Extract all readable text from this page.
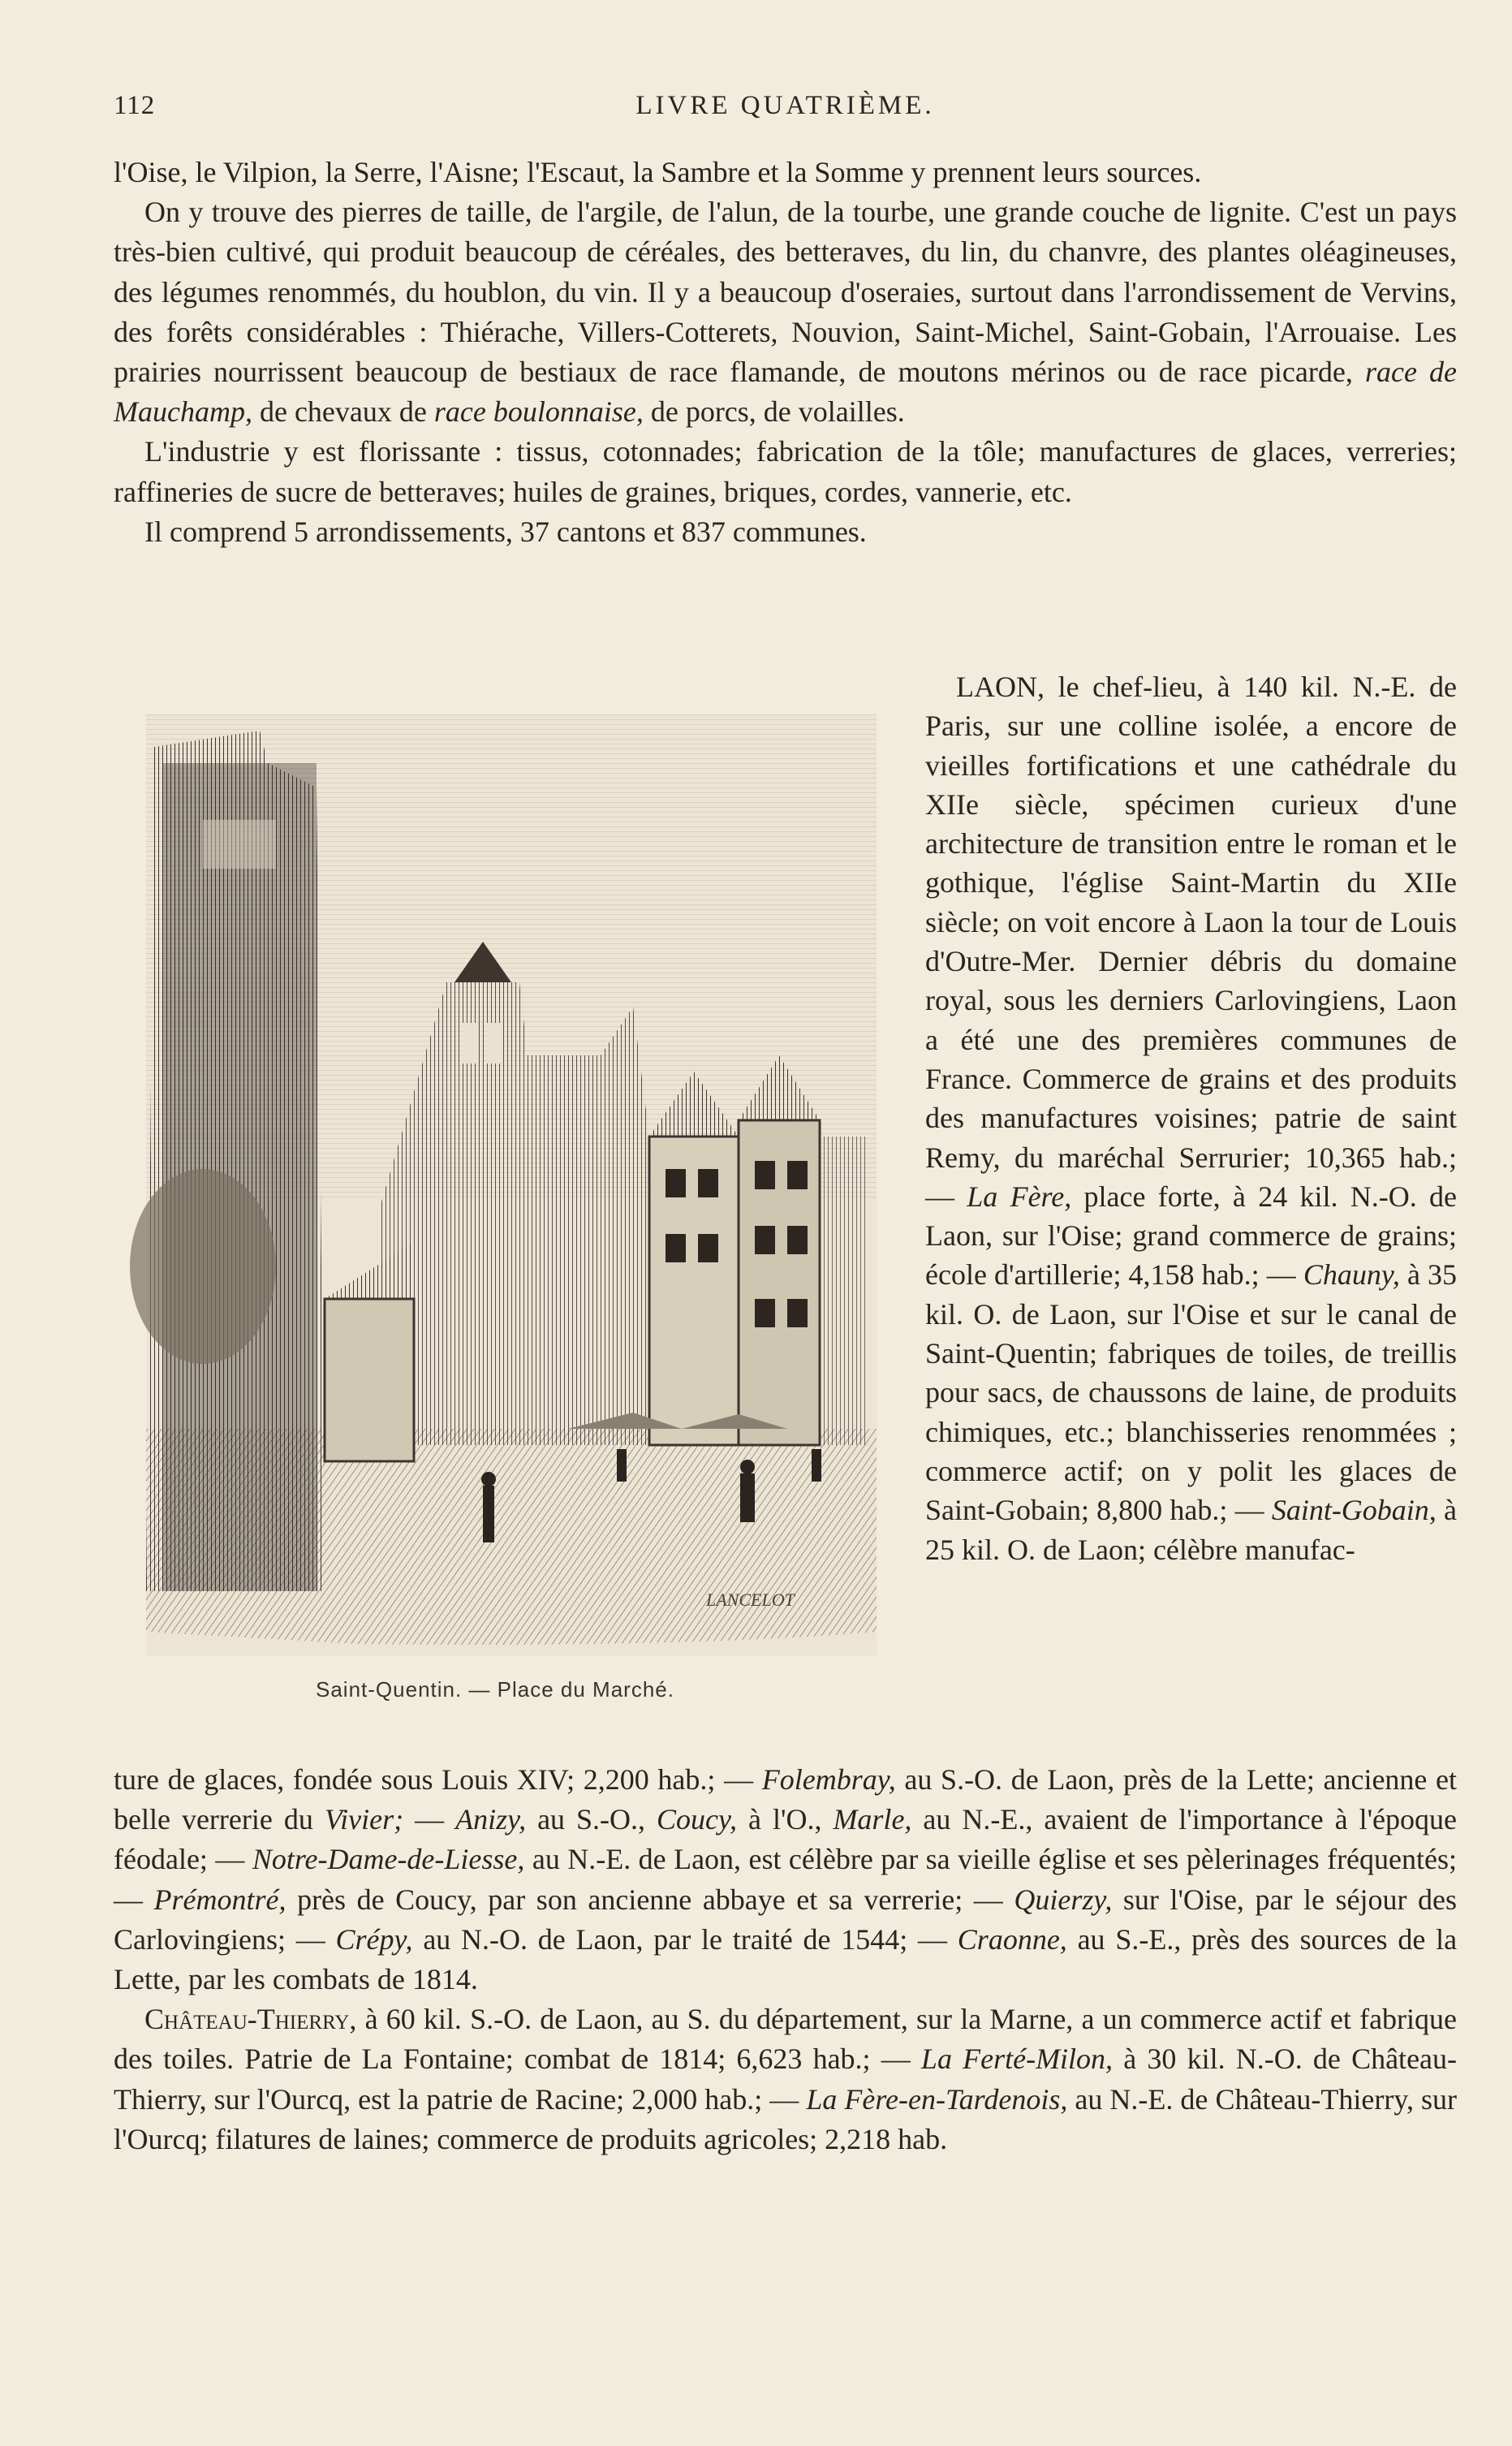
112	LIVRE QUATRIÈME.

l'Oise, le Vilpion, la Serre, l'Aisne; l'Escaut, la Sambre et la Somme y prennent leurs sources.

On y trouve des pierres de taille, de l'argile, de l'alun, de la tourbe, une grande couche de lignite. C'est un pays très-bien cultivé, qui produit beaucoup de céréales, des betteraves, du lin, du chanvre, des plantes oléagineuses, des légumes renommés, du houblon, du vin. Il y a beaucoup d'oseraies, surtout dans l'arrondissement de Vervins, des forêts considérables : Thiérache, Villers-Cotterets, Nouvion, Saint-Michel, Saint-Gobain, l'Arrouaise. Les prairies nourrissent beaucoup de bestiaux de race flamande, de moutons mérinos ou de race picarde, race de Mauchamp, de chevaux de race boulonnaise, de porcs, de volailles.

L'industrie y est florissante : tissus, cotonnades; fabrication de la tôle; manufactures de glaces, verreries; raffineries de sucre de betteraves; huiles de graines, briques, cordes, vannerie, etc.

Il comprend 5 arrondissements, 37 cantons et 837 communes.

LAON, le chef-lieu, à 140 kil. N.-E. de Paris, sur une colline isolée, a encore de vieilles fortifications et une cathédrale du XIIe siècle, spécimen curieux d'une architecture de transition entre le roman et le gothique, l'église Saint-Martin du XIIe siècle; on voit encore à Laon la tour de Louis d'Outre-Mer. Dernier débris du domaine royal, sous les derniers Carlovingiens, Laon a été une des premières communes de France. Commerce de grains et des produits des manufactures voisines; patrie de saint Remy, du maréchal Serrurier; 10,365 hab.; — La Fère, place forte, à 24 kil. N.-O. de Laon, sur l'Oise; grand commerce de grains; école d'artillerie; 4,158 hab.; — Chauny, à 35 kil. O. de Laon, sur l'Oise et sur le canal de Saint-Quentin; fabriques de toiles, de treillis pour sacs, de chaussons de laine, de produits chimiques, etc.; blanchisseries renommées ; commerce actif; on y polit les glaces de Saint-Gobain; 8,800 hab.; — Saint-Gobain, à 25 kil. O. de Laon; célèbre manufac-

LANCELOT
Saint-Quentin. — Place du Marché.

ture de glaces, fondée sous Louis XIV; 2,200 hab.; — Folembray, au S.-O. de Laon, près de la Lette; ancienne et belle verrerie du Vivier; — Anizy, au S.-O., Coucy, à l'O., Marle, au N.-E., avaient de l'importance à l'époque féodale; — Notre-Dame-de-Liesse, au N.-E. de Laon, est célèbre par sa vieille église et ses pèlerinages fréquentés; — Prémontré, près de Coucy, par son ancienne abbaye et sa verrerie; — Quierzy, sur l'Oise, par le séjour des Carlovingiens; — Crépy, au N.-O. de Laon, par le traité de 1544; — Craonne, au S.-E., près des sources de la Lette, par les combats de 1814.

Château-Thierry, à 60 kil. S.-O. de Laon, au S. du département, sur la Marne, a un commerce actif et fabrique des toiles. Patrie de La Fontaine; combat de 1814; 6,623 hab.; — La Ferté-Milon, à 30 kil. N.-O. de Château-Thierry, sur l'Ourcq, est la patrie de Racine; 2,000 hab.; — La Fère-en-Tardenois, au N.-E. de Château-Thierry, sur l'Ourcq; filatures de laines; commerce de produits agricoles; 2,218 hab.
